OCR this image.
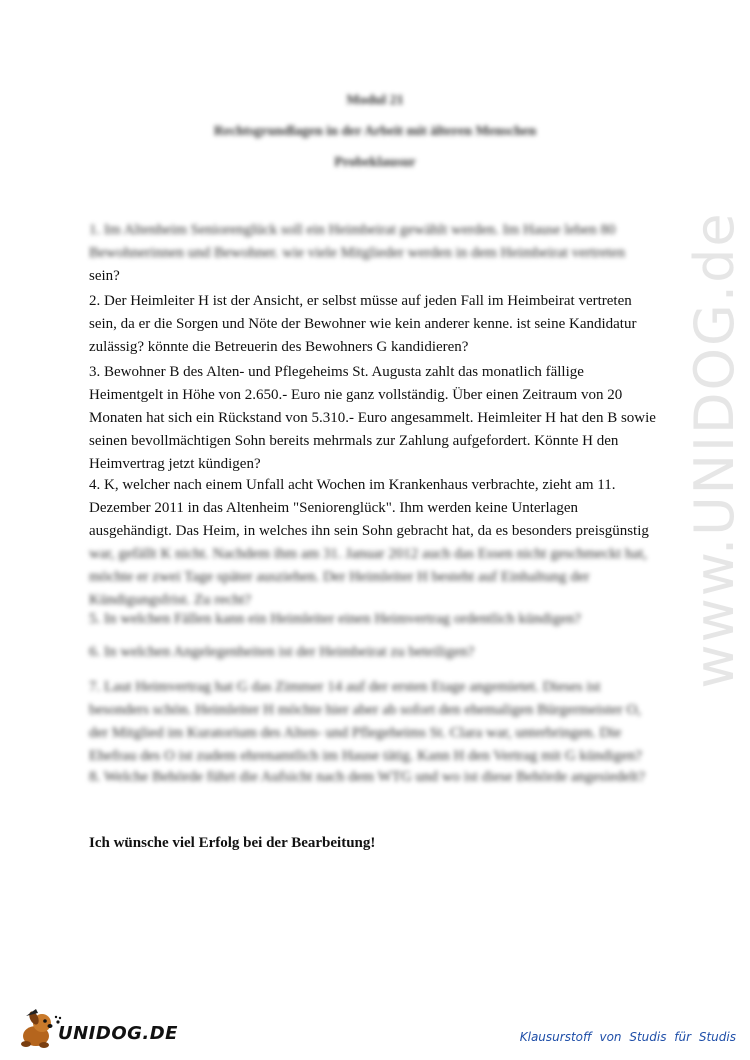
Modul 21
Rechtsgrundlagen in der Arbeit mit älteren Menschen
Probeklausur

1. Im Altenheim Seniorenglück soll ein Heimbeirat gewählt werden. Im Hause leben 80
Bewohnerinnen und Bewohner. wie viele Mitglieder werden in dem Heimbeirat vertreten
sein?

2. Der Heimleiter H ist der Ansicht, er selbst müsse auf jeden Fall im Heimbeirat vertreten
sein, da er die Sorgen und Nöte der Bewohner wie kein anderer kenne. ist seine Kandidatur
zulässig? könnte die Betreuerin des Bewohners G kandidieren?

3. Bewohner B des Alten- und Pflegeheims St. Augusta zahlt das monatlich fällige
Heimentgelt in Höhe von 2.650.- Euro nie ganz vollständig. Über einen Zeitraum von 20
Monaten hat sich ein Rückstand von 5.310.- Euro angesammelt. Heimleiter H hat den B sowie
seinen bevollmächtigen Sohn bereits mehrmals zur Zahlung aufgefordert. Könnte H den
Heimvertrag jetzt kündigen?

4. K, welcher nach einem Unfall acht Wochen im Krankenhaus verbrachte, zieht am 11.
Dezember 2011 in das Altenheim "Seniorenglück". Ihm werden keine Unterlagen
ausgehändigt. Das Heim, in welches ihn sein Sohn gebracht hat, da es besonders preisgünstig
war, gefällt K nicht. Nachdem ihm am 31. Januar 2012 auch das Essen nicht geschmeckt hat,
möchte er zwei Tage später ausziehen. Der Heimleiter H besteht auf Einhaltung der
Kündigungsfrist. Zu recht?

5. In welchen Fällen kann ein Heimleiter einen Heimvertrag ordentlich kündigen?

6. In welchen Angelegenheiten ist der Heimbeirat zu beteiligen?

7. Laut Heimvertrag hat G das Zimmer 14 auf der ersten Etage angemietet. Dieses ist
besonders schön. Heimleiter H möchte hier aber ab sofort den ehemaligen Bürgermeister O,
der Mitglied im Kuratorium des Alten- und Pflegeheims St. Clara war, unterbringen. Die
Ehefrau des O ist zudem ehrenamtlich im Hause tätig. Kann H den Vertrag mit G kündigen?

8. Welche Behörde führt die Aufsicht nach dem WTG und wo ist diese Behörde angesiedelt?

Ich wünsche viel Erfolg bei der Bearbeitung!
www.UNIDOG.de
UNIDOG.DE	Klausurstoff von Studis für Studis
